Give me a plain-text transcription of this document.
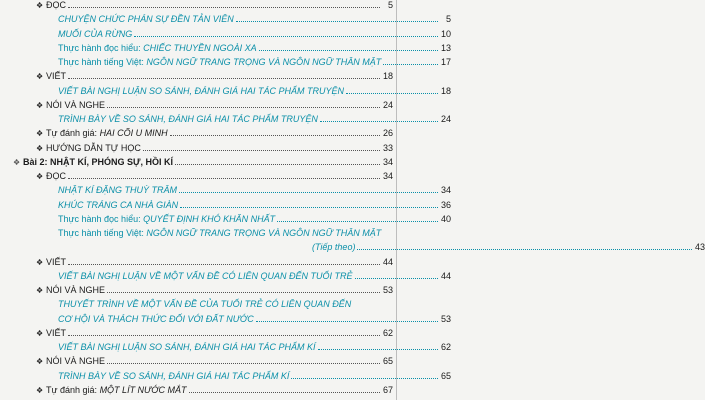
❖ ĐỌC	5
CHUYỆN CHỨC PHÁN SỰ ĐỀN TẢN VIÊN	5
MUỐI CỦA RỪNG	10
Thực hành đọc hiểu: CHIẾC THUYỀN NGOÀI XA	13
Thực hành tiếng Việt: NGÔN NGỮ TRANG TRỌNG VÀ NGÔN NGỮ THÂN MẬT	17
❖ VIẾT	18
VIẾT BÀI NGHỊ LUẬN SO SÁNH, ĐÁNH GIÁ HAI TÁC PHẨM TRUYỆN	18
❖ NÓI VÀ NGHE	24
TRÌNH BÀY VỀ SO SÁNH, ĐÁNH GIÁ HAI TÁC PHẨM TRUYỆN	24
❖ Tự đánh giá: HAI CÕI U MINH	26
❖ HƯỚNG DẪN TỰ HỌC	33
❖ Bài 2: NHẬT KÍ, PHÓNG SỰ, HỒI KÍ	34
❖ ĐỌC	34
NHẬT KÍ ĐẶNG THUỲ TRÂM	34
KHÚC TRÁNG CA NHÀ GIÀN	36
Thực hành đọc hiểu: QUYẾT ĐỊNH KHÓ KHĂN NHẤT	40
Thực hành tiếng Việt: NGÔN NGỮ TRANG TRỌNG VÀ NGÔN NGỮ THÂN MẬT
(Tiếp theo)	43
❖ VIẾT	44
VIẾT BÀI NGHỊ LUẬN VỀ MỘT VẤN ĐỀ CÓ LIÊN QUAN ĐẾN TUỔI TRẺ	44
❖ NÓI VÀ NGHE	53
THUYẾT TRÌNH VỀ MỘT VẤN ĐỀ CỦA TUỔI TRẺ CÓ LIÊN QUAN ĐẾN
CƠ HỘI VÀ THÁCH THỨC ĐỐI VỚI ĐẤT NƯỚC	53
❖ VIẾT	62
VIẾT BÀI NGHỊ LUẬN SO SÁNH, ĐÁNH GIÁ HAI TÁC PHẨM KÍ	62
❖ NÓI VÀ NGHE	65
TRÌNH BÀY VỀ SO SÁNH, ĐÁNH GIÁ HAI TÁC PHẨM KÍ	65
❖ Tự đánh giá: MỘT LÍT NƯỚC MẮT	67
